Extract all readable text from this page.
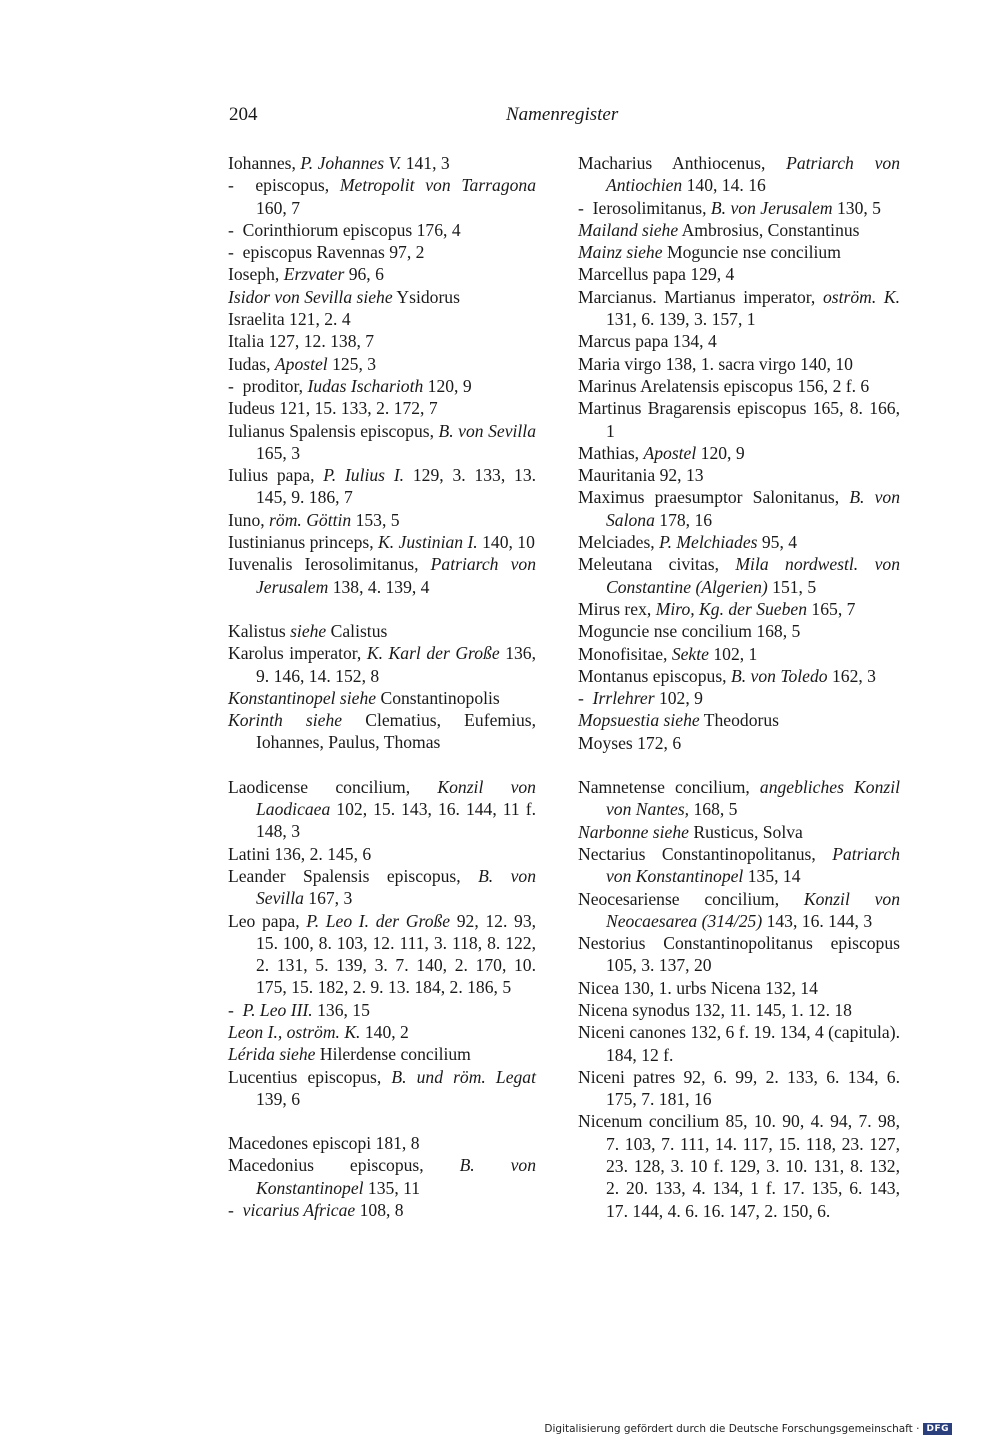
204	Namenregister

Iohannes, P. Johannes V. 141, 3

-  episcopus, Metropolit von Tarragona 160, 7

-  Corinthiorum episcopus 176, 4

-  episcopus Ravennas 97, 2

Ioseph, Erzvater 96, 6

Isidor von Sevilla siehe Ysidorus

Israelita 121, 2. 4

Italia 127, 12. 138, 7

Iudas, Apostel 125, 3

-  proditor, Iudas Ischarioth 120, 9

Iudeus 121, 15. 133, 2. 172, 7

Iulianus Spalensis episcopus, B. von Sevilla 165, 3

Iulius papa, P. Iulius I. 129, 3. 133, 13. 145, 9. 186, 7

Iuno, röm. Göttin 153, 5

Iustinianus princeps, K. Justinian I. 140, 10

Iuvenalis Ierosolimitanus, Patriarch von Jerusalem 138, 4. 139, 4

Kalistus siehe Calistus

Karolus imperator, K. Karl der Große 136, 9. 146, 14. 152, 8

Konstantinopel siehe Constantinopolis

Korinth siehe Clematius, Eufemius, Iohannes, Paulus, Thomas

Laodicense concilium, Konzil von Laodicaea 102, 15. 143, 16. 144, 11 f. 148, 3

Latini 136, 2. 145, 6

Leander Spalensis episcopus, B. von Sevilla 167, 3

Leo papa, P. Leo I. der Große 92, 12. 93, 15. 100, 8. 103, 12. 111, 3. 118, 8. 122, 2. 131, 5. 139, 3. 7. 140, 2. 170, 10. 175, 15. 182, 2. 9. 13. 184, 2. 186, 5

-  P. Leo III. 136, 15

Leon I., oström. K. 140, 2

Lérida siehe Hilerdense concilium

Lucentius episcopus, B. und röm. Legat 139, 6

Macedones episcopi 181, 8

Macedonius episcopus, B. von Konstantinopel 135, 11

-  vicarius Africae 108, 8

Macharius Anthiocenus, Patriarch von Antiochien 140, 14. 16

-  Ierosolimitanus, B. von Jerusalem 130, 5

Mailand siehe Ambrosius, Constantinus

Mainz siehe Moguncie nse concilium

Marcellus papa 129, 4

Marcianus. Martianus imperator, oström. K. 131, 6. 139, 3. 157, 1

Marcus papa 134, 4

Maria virgo 138, 1. sacra virgo 140, 10

Marinus Arelatensis episcopus 156, 2 f. 6

Martinus Bragarensis episcopus 165, 8. 166, 1

Mathias, Apostel 120, 9

Mauritania 92, 13

Maximus praesumptor Salonitanus, B. von Salona 178, 16

Melciades, P. Melchiades 95, 4

Meleutana civitas, Mila nordwestl. von Constantine (Algerien) 151, 5

Mirus rex, Miro, Kg. der Sueben 165, 7

Moguncie nse concilium 168, 5

Monofisitae, Sekte 102, 1

Montanus episcopus, B. von Toledo 162, 3

-  Irrlehrer 102, 9

Mopsuestia siehe Theodorus

Moyses 172, 6

Namnetense concilium, angebliches Konzil von Nantes, 168, 5

Narbonne siehe Rusticus, Solva

Nectarius Constantinopolitanus, Patriarch von Konstantinopel 135, 14

Neocesariense concilium, Konzil von Neocaesarea (314/25) 143, 16. 144, 3

Nestorius Constantinopolitanus episcopus 105, 3. 137, 20

Nicea 130, 1. urbs Nicena 132, 14

Nicena synodus 132, 11. 145, 1. 12. 18

Niceni canones 132, 6 f. 19. 134, 4 (capitula). 184, 12 f.

Niceni patres 92, 6. 99, 2. 133, 6. 134, 6. 175, 7. 181, 16

Nicenum concilium 85, 10. 90, 4. 94, 7. 98, 7. 103, 7. 111, 14. 117, 15. 118, 23. 127, 23. 128, 3. 10 f. 129, 3. 10. 131, 8. 132, 2. 20. 133, 4. 134, 1 f. 17. 135, 6. 143, 17. 144, 4. 6. 16. 147, 2. 150, 6.

Digitalisierung gefördert durch die Deutsche Forschungsgemeinschaft · DFG
